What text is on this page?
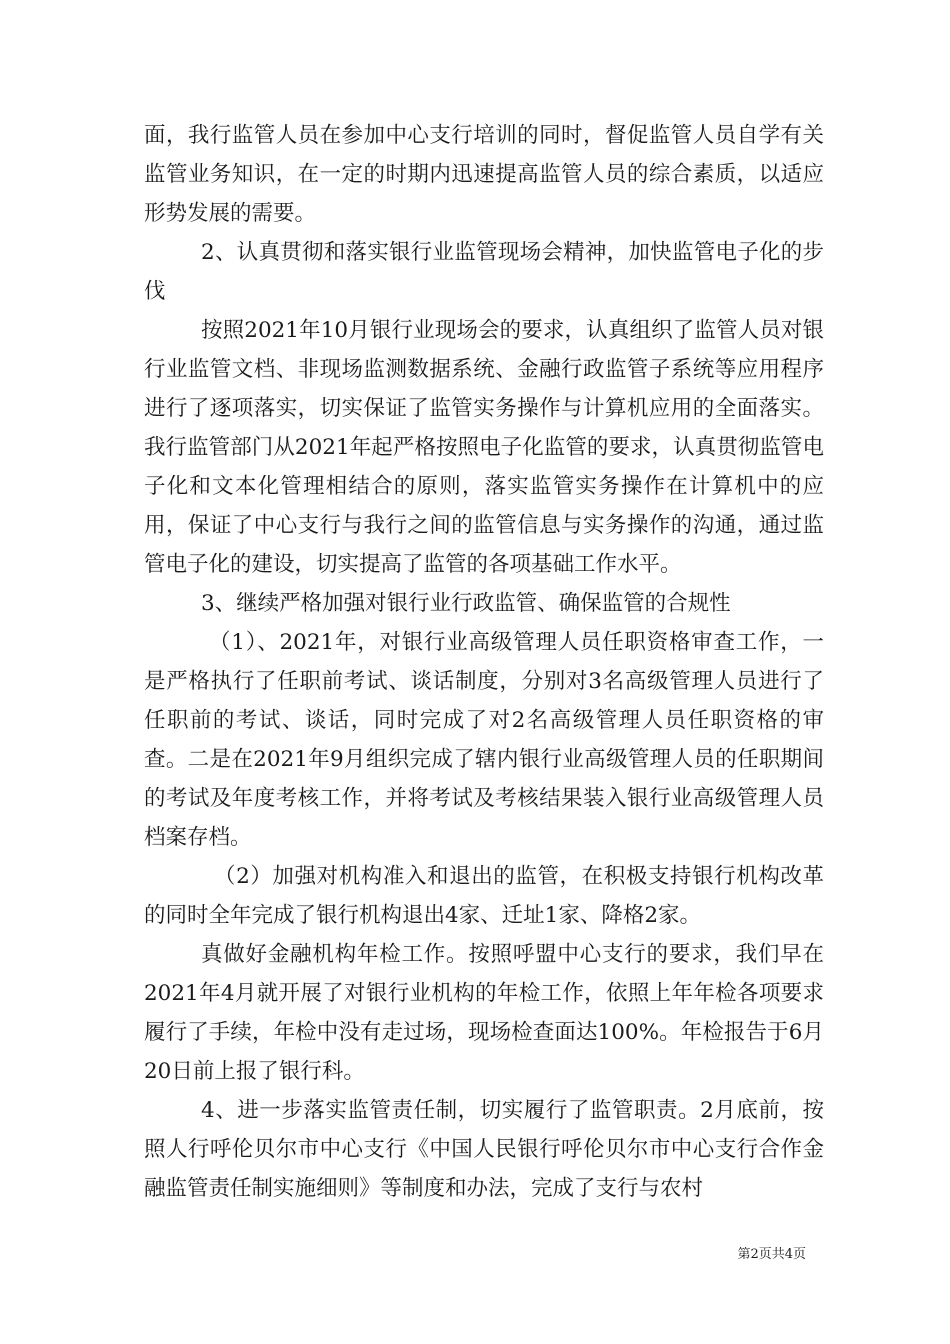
面，我行监管人员在参加中心支行培训的同时，督促监管人员自学有关监管业务知识，在一定的时期内迅速提高监管人员的综合素质，以适应形势发展的需要。

2、认真贯彻和落实银行业监管现场会精神，加快监管电子化的步伐

按照2021年10月银行业现场会的要求，认真组织了监管人员对银行业监管文档、非现场监测数据系统、金融行政监管子系统等应用程序进行了逐项落实，切实保证了监管实务操作与计算机应用的全面落实。我行监管部门从2021年起严格按照电子化监管的要求，认真贯彻监管电子化和文本化管理相结合的原则，落实监管实务操作在计算机中的应用，保证了中心支行与我行之间的监管信息与实务操作的沟通，通过监管电子化的建设，切实提高了监管的各项基础工作水平。

3、继续严格加强对银行业行政监管、确保监管的合规性

（1）、2021年，对银行业高级管理人员任职资格审查工作，一是严格执行了任职前考试、谈话制度，分别对3名高级管理人员进行了任职前的考试、谈话，同时完成了对2名高级管理人员任职资格的审查。二是在2021年9月组织完成了辖内银行业高级管理人员的任职期间的考试及年度考核工作，并将考试及考核结果装入银行业高级管理人员档案存档。

（2）加强对机构准入和退出的监管，在积极支持银行机构改革的同时全年完成了银行机构退出4家、迁址1家、降格2家。

真做好金融机构年检工作。按照呼盟中心支行的要求，我们早在2021年4月就开展了对银行业机构的年检工作，依照上年年检各项要求履行了手续，年检中没有走过场，现场检查面达100%。年检报告于6月20日前上报了银行科。

4、进一步落实监管责任制，切实履行了监管职责。2月底前，按照人行呼伦贝尔市中心支行《中国人民银行呼伦贝尔市中心支行合作金融监管责任制实施细则》等制度和办法，完成了支行与农村

第2页共4页
